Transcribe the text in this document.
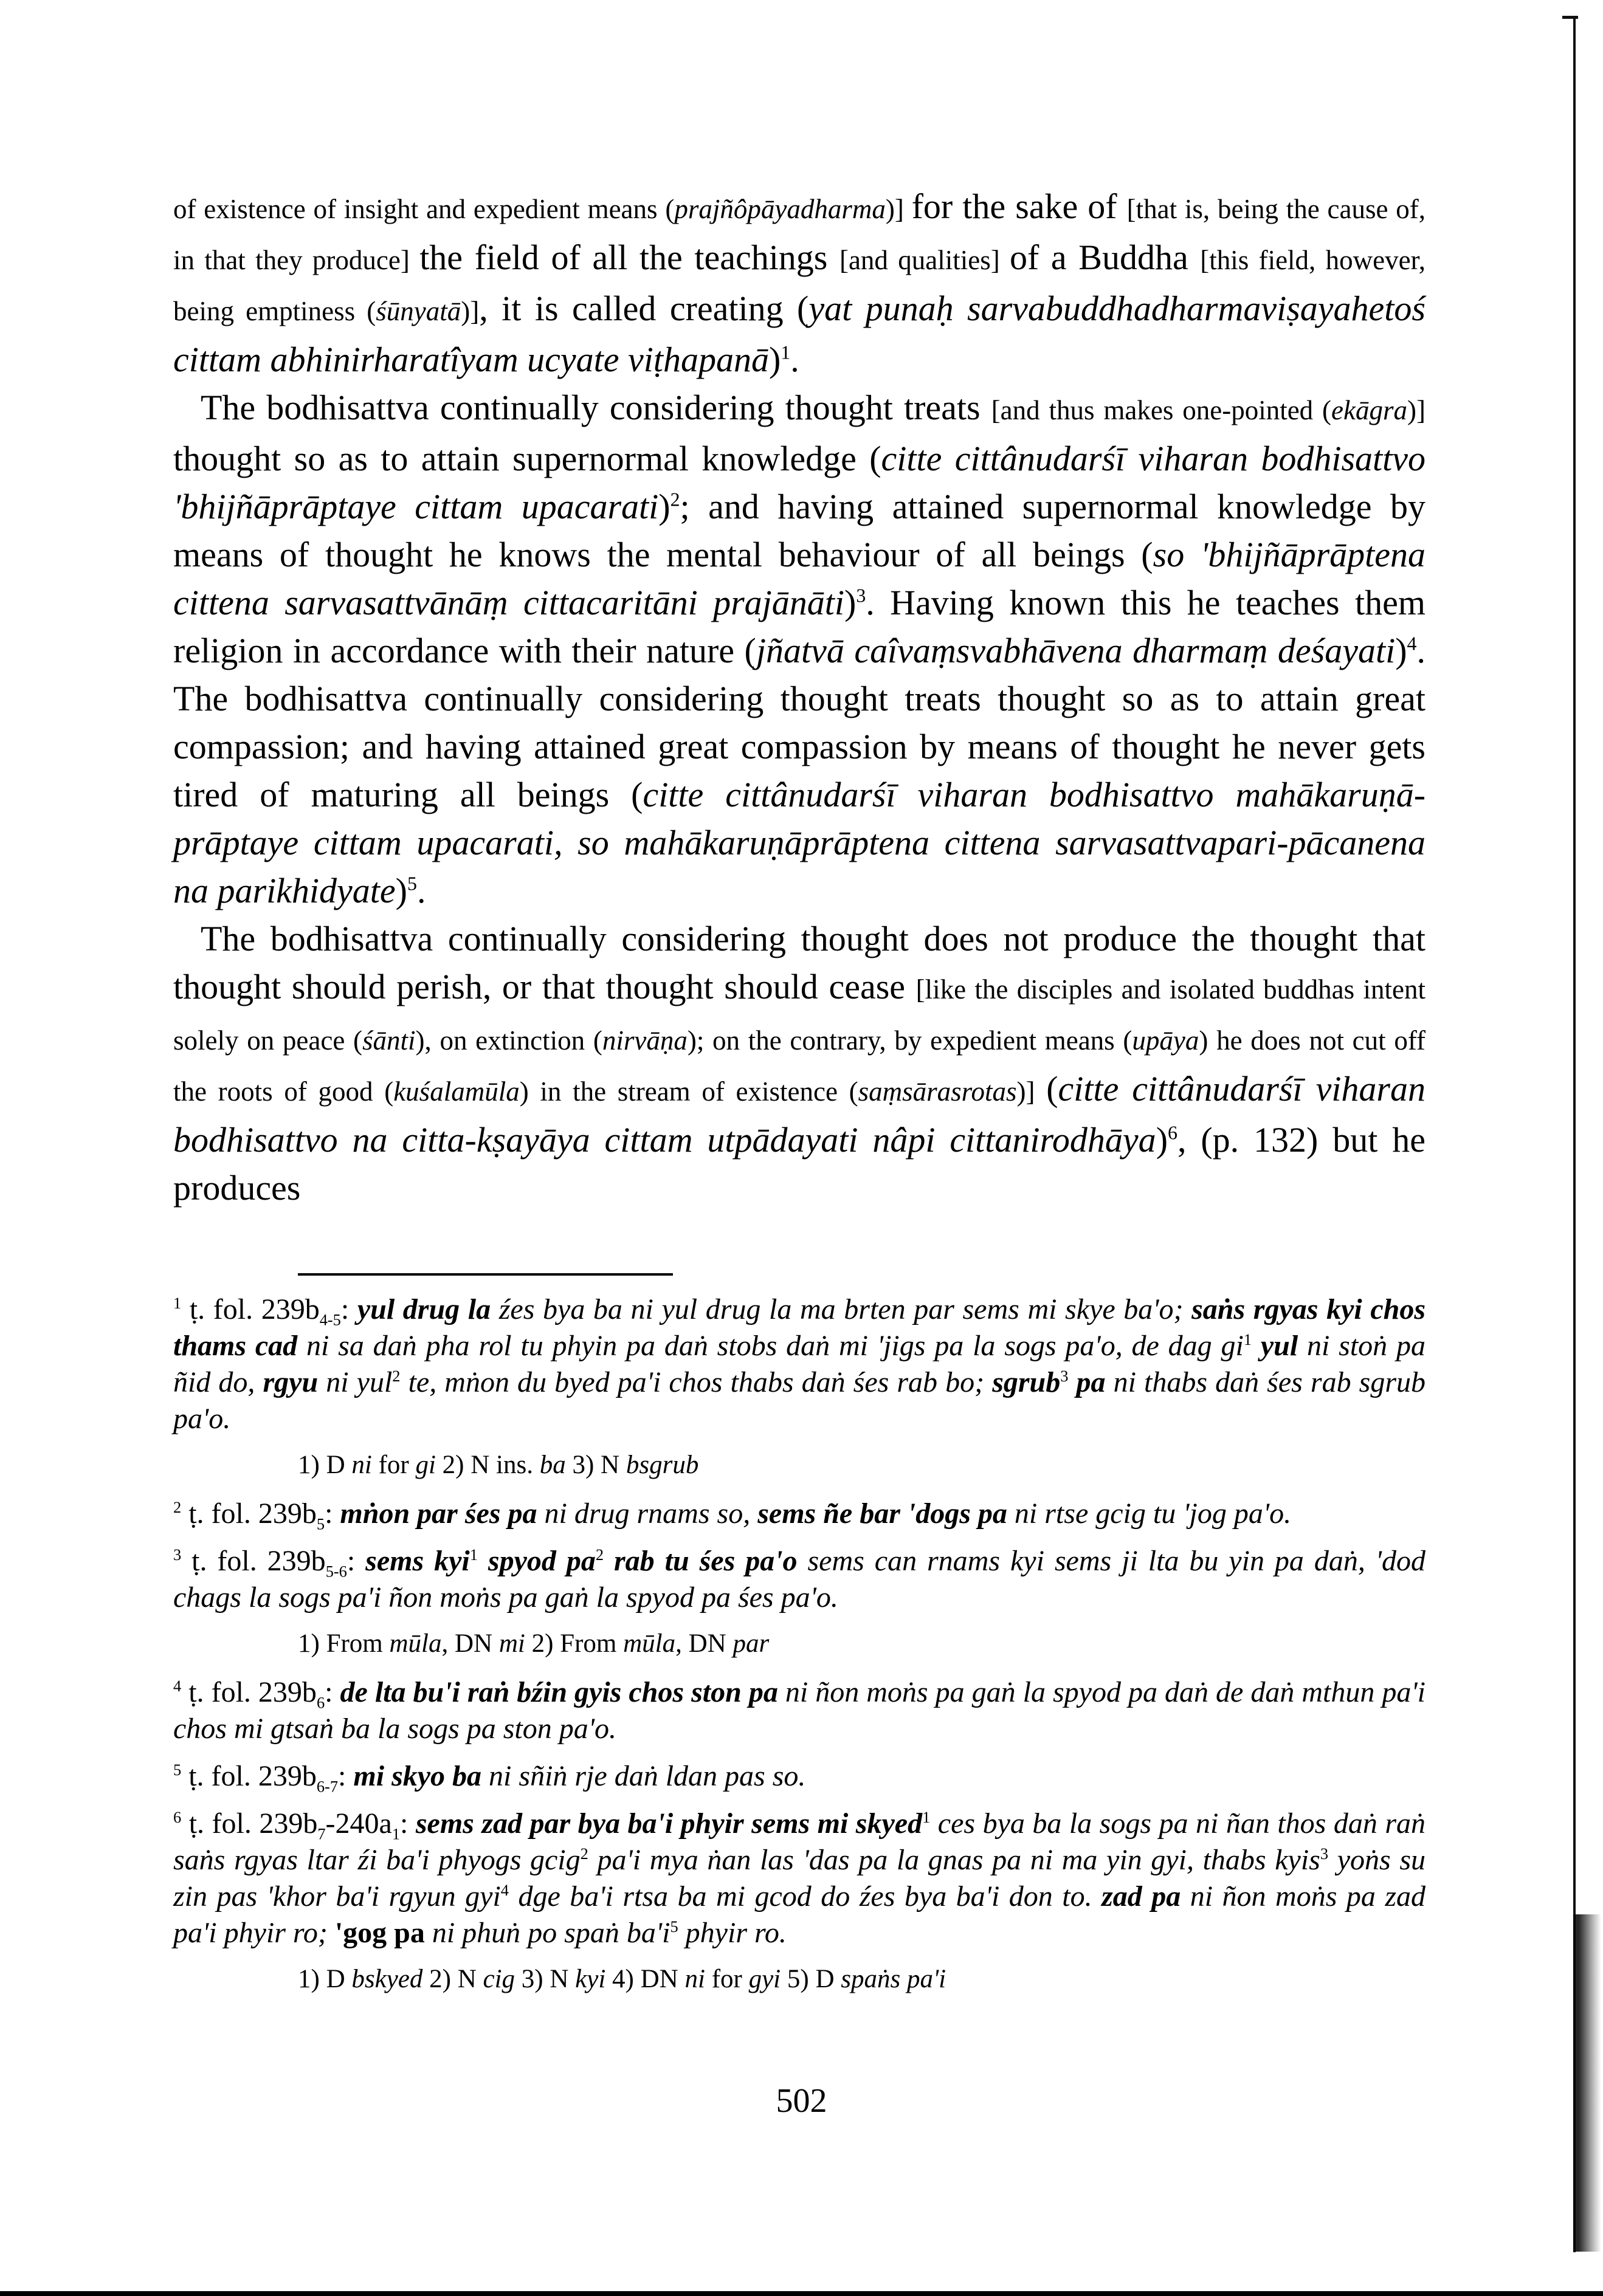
of existence of insight and expedient means (prajñôpāyadharma)] for the sake of [that is, being the cause of, in that they produce] the field of all the teachings [and qualities] of a Buddha [this field, however, being emptiness (śūnyatā)], it is called creating (yat punaḥ sarvabuddhadharmaviṣayahetoś cittam abhinirharatîyam ucyate viṭhapanā)$^1$.

The bodhisattva continually considering thought treats [and thus makes one-pointed (ekāgra)] thought so as to attain supernormal knowledge (citte cittânudarśī viharan bodhisattvo 'bhijñāprāptaye cittam upacarati)$^2$; and having attained supernormal knowledge by means of thought he knows the mental behaviour of all beings (so 'bhijñāprāptena cittena sarvasattvānāṃ cittacaritāni prajānāti)$^3$. Having known this he teaches them religion in accordance with their nature (jñatvā caîvaṃsvabhāvena dharmaṃ deśayati)$^4$. The bodhisattva continually considering thought treats thought so as to attain great compassion; and having attained great compassion by means of thought he never gets tired of maturing all beings (citte cittânudarśī viharan bodhisattvo mahākaruṇā-prāptaye cittam upacarati, so mahākaruṇāprāptena cittena sarvasattvapari-pācanena na parikhidyate)$^5$.

The bodhisattva continually considering thought does not produce the thought that thought should perish, or that thought should cease [like the disciples and isolated buddhas intent solely on peace (śānti), on extinction (nirvāṇa); on the contrary, by expedient means (upāya) he does not cut off the roots of good (kuśalamūla) in the stream of existence (saṃsārasrotas)] (citte cittânudarśī viharan bodhisattvo na citta-kṣayāya cittam utpādayati nâpi cittanirodhāya)$^6$, (p. 132) but he produces

$^1$ ṭ. fol. $239b_{4-5}$: yul drug la źes bya ba ni yul drug la ma brten par sems mi skye ba'o; saṅs rgyas kyi chos thams cad ni sa daṅ pha rol tu phyin pa daṅ stobs daṅ mi 'jigs pa la sogs pa'o, de dag $gi^1$ yul ni stoṅ pa ñid do, rgyu ni yul$^2$ te, mṅon du byed pa'i chos thabs daṅ śes rab bo; sgrub$^3$ pa ni thabs daṅ śes rab sgrub pa'o.
1) D ni for gi 2) N ins. ba 3) N bsgrub
$^2$ ṭ. fol. $239b_5$: mṅon par śes pa ni drug rnams so, sems ñe bar 'dogs pa ni rtse gcig tu 'jog pa'o.
$^3$ ṭ. fol. $239b_{5-6}$: sems kyi$^1$ spyod $pa^2$ rab tu śes pa'o sems can rnams kyi sems ji lta bu yin pa daṅ, 'dod chags la sogs pa'i ñon moṅs pa gaṅ la spyod pa śes pa'o.
1) From mūla, DN mi 2) From mūla, DN par
$^4$ ṭ. fol. $239b_6$: de lta bu'i raṅ bźin gyis chos ston pa ni ñon moṅs pa gaṅ la spyod pa daṅ de daṅ mthun pa'i chos mi gtsaṅ ba la sogs pa ston pa'o.
$^5$ ṭ. fol. $239b_{6-7}$: mi skyo ba ni sñiṅ rje daṅ ldan pas so.
$^6$ ṭ. fol. $239b_7-240a_1$: sems zad par bya ba'i phyir sems mi skyed$^1$ ces bya ba la sogs pa ni ñan thos daṅ raṅ saṅs rgyas ltar źi ba'i phyogs gcig$^2$ pa'i mya ṅan las 'das pa la gnas pa ni ma yin gyi, thabs kyis$^3$ yoṅs su zin pas 'khor ba'i rgyun gyi$^4$ dge ba'i rtsa ba mi gcod do źes bya ba'i don to. zad pa ni ñon moṅs pa zad pa'i phyir ro; 'gog pa ni phuṅ po spaṅ $ba'i^5$ phyir ro.
1) D bskyed 2) N cig 3) N kyi 4) DN ni for gyi 5) D spaṅs pa'i
502
